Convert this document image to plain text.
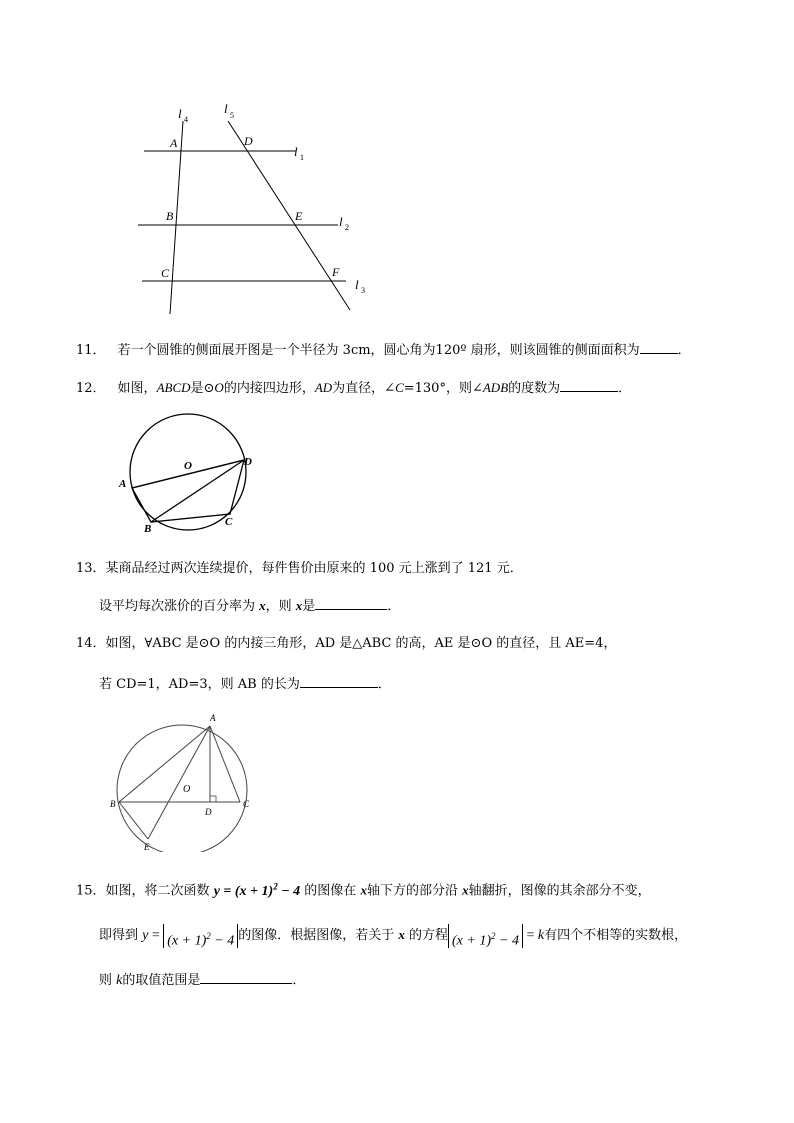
l 4
l 5
A	D
l 1
B	E	l 2
C	F
l 3
11． 若一个圆锥的侧面展开图是一个半径为 3cm，圆心角为120º 扇形，则该圆锥的侧面面积为	．
12． 如图，ABCD是⊙O的内接四边形，AD为直径，∠C=130°，则∠ADB的度数为	．
O	D
A
B
C
13．某商品经过两次连续提价，每件售价由原来的 100 元上涨到了 121 元．
设平均每次涨价的百分率为 x，则 x是	．
14．如图，∀ABC 是⊙O 的内接三角形，AD 是△ABC 的高，AE 是⊙O 的直径，且 AE=4，
若 CD=1，AD=3，则 AB 的长为	．
A
O
B
D
C
E
15．如图，将二次函数 $y = (x + 1)^2 - 4$ 的图像在 x轴下方的部分沿 x轴翻折，图像的其余部分不变，
即得到 $y = (x + 1)^2 - 4$ 的图像．根据图像，若关于 x 的方程 $(x + 1)^2 - 4 = k$有四个不相等的实数根，
则 k的取值范围是	．
